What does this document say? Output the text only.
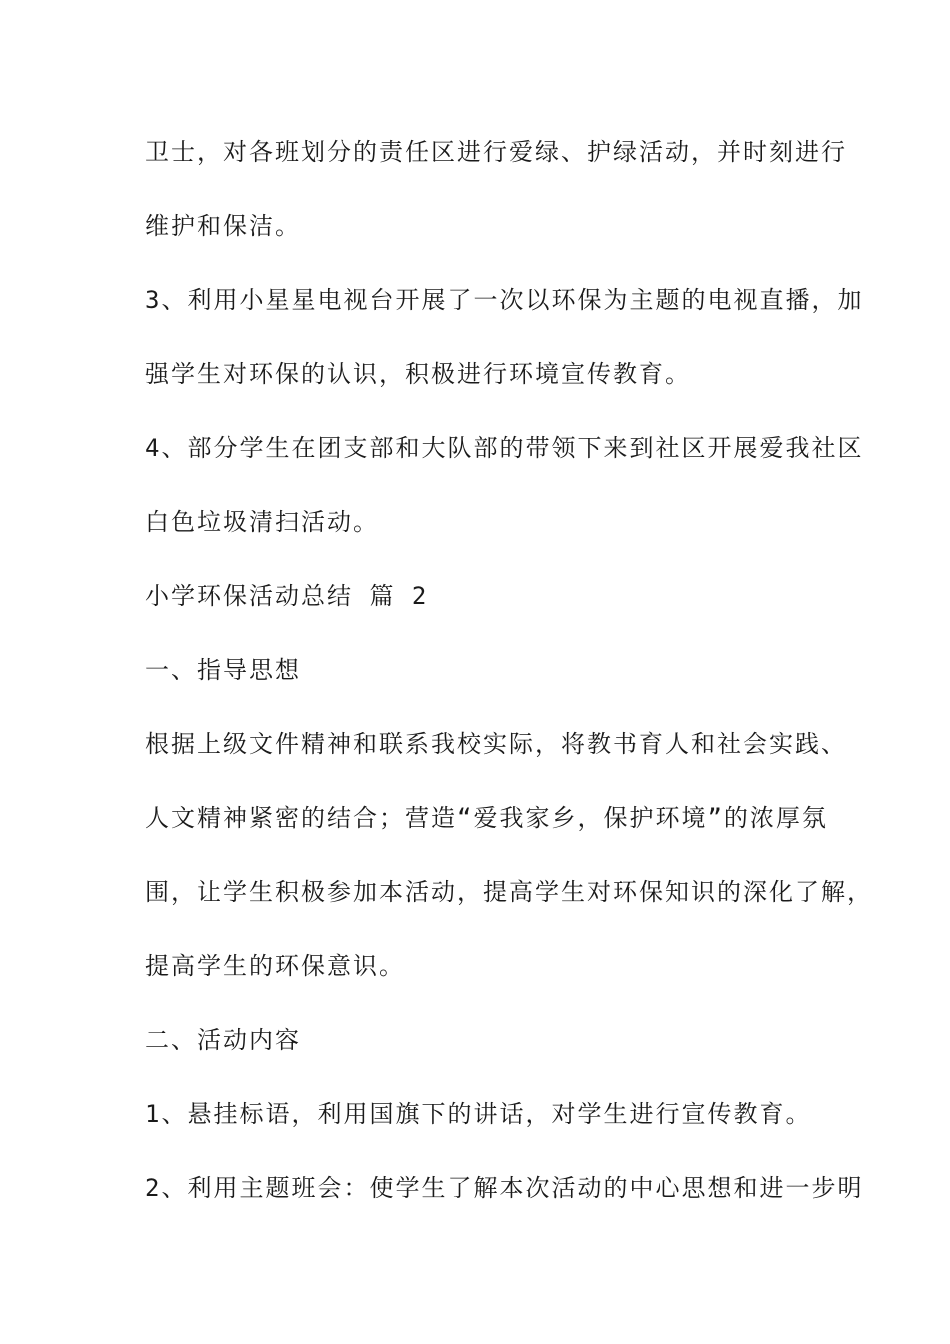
卫士，对各班划分的责任区进行爱绿、护绿活动，并时刻进行
维护和保洁。
3、利用小星星电视台开展了一次以环保为主题的电视直播，加
强学生对环保的认识，积极进行环境宣传教育。
4、部分学生在团支部和大队部的带领下来到社区开展爱我社区
白色垃圾清扫活动。
小学环保活动总结 篇 2
一、指导思想
根据上级文件精神和联系我校实际，将教书育人和社会实践、
人文精神紧密的结合；营造“爱我家乡，保护环境”的浓厚氛
围，让学生积极参加本活动，提高学生对环保知识的深化了解，
提高学生的环保意识。
二、活动内容
1、悬挂标语，利用国旗下的讲话，对学生进行宣传教育。
2、利用主题班会：使学生了解本次活动的中心思想和进一步明
